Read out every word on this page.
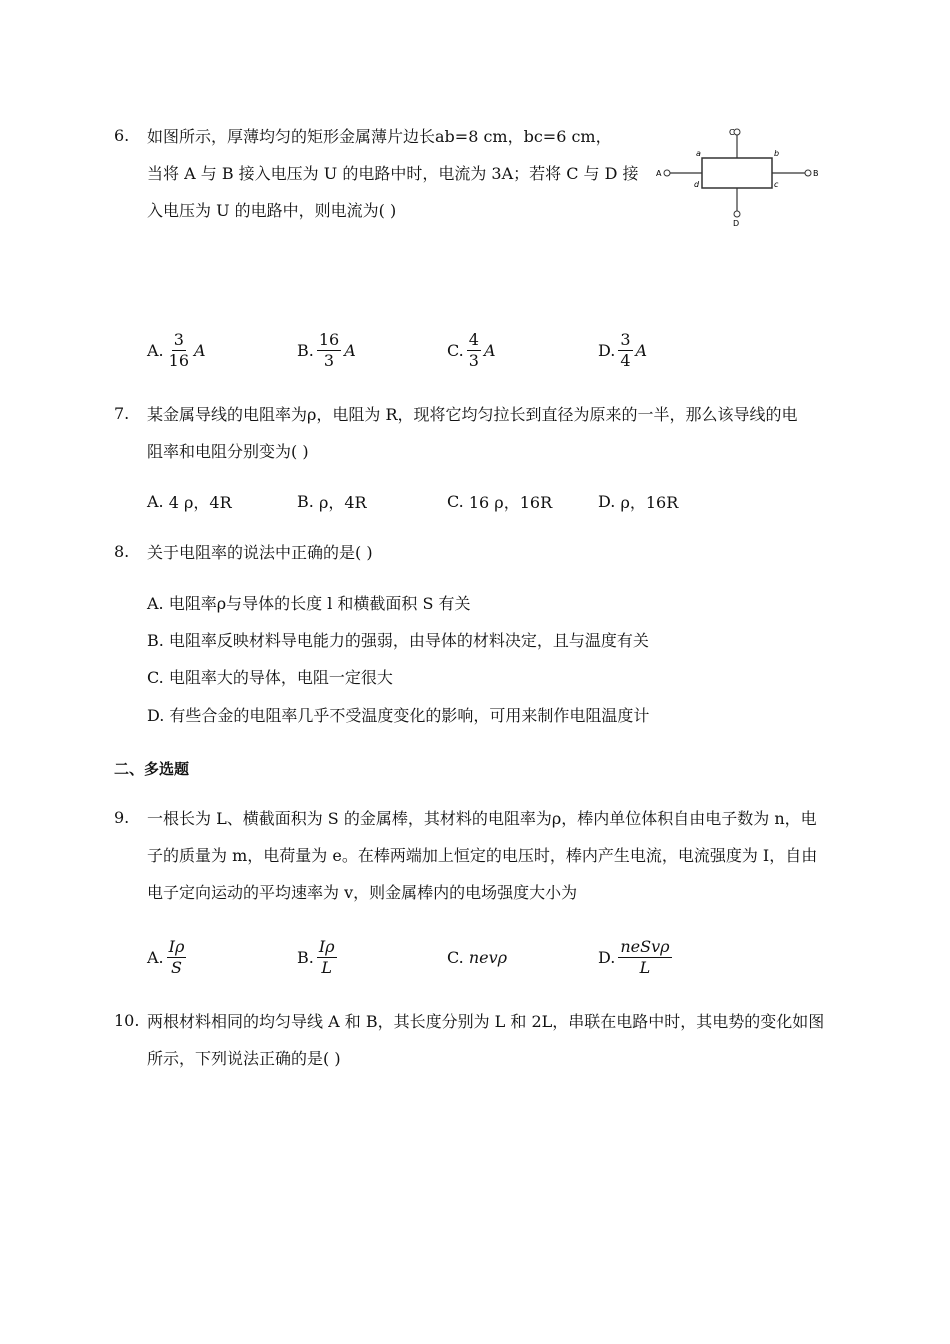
6. 如图所示，厚薄均匀的矩形金属薄片边长ab=8 cm，bc=6 cm，
当将 A 与 B 接入电压为 U 的电路中时，电流为 3A；若将 C 与 D 接
入电压为 U 的电路中，则电流为( )
A	B
C
D
a	b
c
d
A. $\frac{3}{16}$ A	B. $\frac{16}{3}$ A	C. $\frac{4}{3}$ A	D. $\frac{3}{4}$ A
7. 某金属导线的电阻率为ρ，电阻为 R，现将它均匀拉长到直径为原来的一半，那么该导线的电
阻率和电阻分别变为( )
A.
4 ρ，4R	B.
ρ，4R	C.
16 ρ，16R	D.
ρ，16R
8. 关于电阻率的说法中正确的是( )
A. 电阻率ρ与导体的长度 l 和横截面积 S 有关
B. 电阻率反映材料导电能力的强弱，由导体的材料决定，且与温度有关
C. 电阻率大的导体，电阻一定很大
D. 有些合金的电阻率几乎不受温度变化的影响，可用来制作电阻温度计
二、多选题
9. 一根长为 L、横截面积为 S 的金属棒，其材料的电阻率为ρ，棒内单位体积自由电子数为 n，电
子的质量为 m，电荷量为 e。在棒两端加上恒定的电压时，棒内产生电流，电流强度为 I，自由
电子定向运动的平均速率为 v，则金属棒内的电场强度大小为
A. $\frac{I\rho}{S}$	B. $\frac{I\rho}{L}$	C.
nevρ	D. $\frac{\text{neSvρ}}{L}$
10. 两根材料相同的均匀导线 A 和 B，其长度分别为 L 和 2L，串联在电路中时，其电势的变化如图
所示，下列说法正确的是( )
